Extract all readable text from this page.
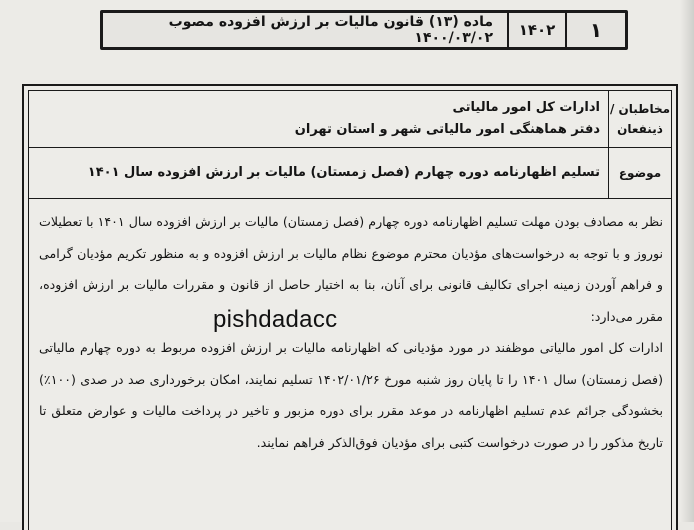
۱
۱۴۰۲
ماده (۱۳) قانون مالیات بر ارزش افزوده مصوب ۱۴۰۰/۰۳/۰۲
مخاطبان /
ذینفعان
ادارات کل امور مالیاتی
دفتر هماهنگی امور مالیاتی شهر و استان تهران
موضوع
تسلیم اظهارنامه دوره چهارم (فصل زمستان) مالیات بر ارزش افزوده سال ۱۴۰۱

نظر به مصادف بودن مهلت تسلیم اظهارنامه دوره چهارم (فصل زمستان) مالیات بر ارزش افزوده سال ۱۴۰۱ با تعطیلات نوروز و با توجه به درخواست‌های مؤدیان محترم موضوع نظام مالیات بر ارزش افزوده و به منظور تکریم مؤدیان گرامی و فراهم آوردن زمینه اجرای تکالیف قانونی برای آنان، بنا به اختیار حاصل از قانون و مقررات مالیات بر ارزش افزوده، مقرر می‌دارد:

ادارات کل امور مالیاتی موظفند در مورد مؤدیانی که اظهارنامه مالیات بر ارزش افزوده مربوط به دوره چهارم مالیاتی (فصل زمستان) سال ۱۴۰۱ را تا پایان روز شنبه مورخ ۱۴۰۲/۰۱/۲۶ تسلیم نمایند، امکان برخورداری صد در صدی (۱۰۰٪) بخشودگی جرائم عدم تسلیم اظهارنامه در موعد مقرر برای دوره مزبور و تاخیر در پرداخت مالیات و عوارض متعلق تا تاریخ مذکور را در صورت درخواست کتبی برای مؤدیان فوق‌الذکر فراهم نمایند.

pishdadacc
